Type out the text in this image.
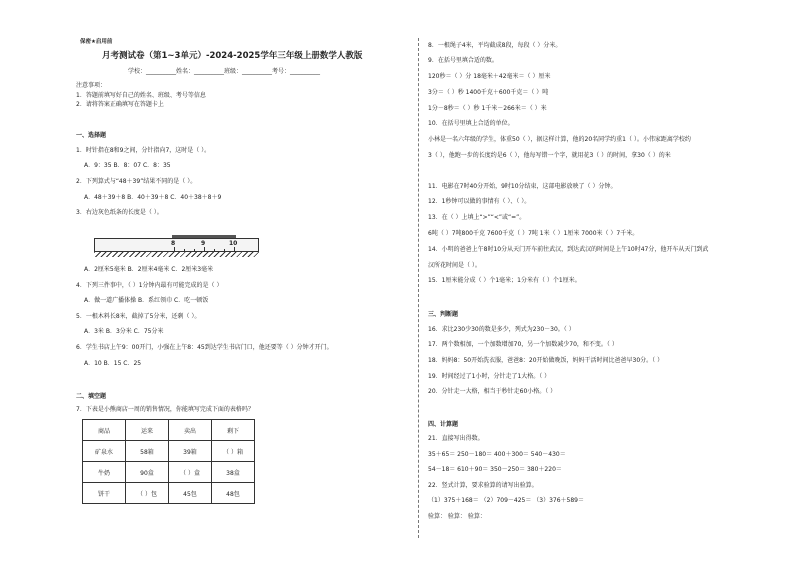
保密★启用前
月考测试卷（第1~3单元）-2024-2025学年三年级上册数学人教版
学校：__________姓名：__________班级：__________考号：__________
注意事项：
1．答题前填写好自己的姓名、班级、考号等信息
2．请将答案正确填写在答题卡上
一、选择题
1．时针指在8和9之间，分针指向7，这时是（ ）。
A．9：35 B．8：07 C．8：35
2．下列算式与“48＋39”结果不同的是（ ）。
A．48＋39＋8 B．40＋39＋8 C．40＋38＋8＋9
3．右边灰色纸条的长度是（ ）。
8	9	10
A．2厘米5毫米 B．2厘米4毫米 C．2厘米3毫米
4．下列三件事中，（ ）1分钟内最有可能完成的是（ ）
A．做一道广播体操 B．系红领巾 C．吃一顿饭
5．一根木料长8米，截掉了5分米，还剩（ ）。
A．3米 B．3分米 C．75分米
6．学生书店上午9：00开门，小强在上午8：45到达学生书店门口，他还要等（ ）分钟才开门。
A．10 B．15 C．25
二、填空题
7．下表是小熊商店一周的销售情况，你能填写完成下面的表格吗？
商品	运来	卖出	剩下
矿泉水	58箱	39箱	（ ）箱
牛奶	90盒	（ ）盒	38盒
饼干	（ ）包	45包	48包
8．一根绳子4米，平均截成8段，每段（ ）分米。
9．在括号里填合适的数。
120秒＝（ ）分 18毫米＋42毫米＝（ ）厘米
3分＝（ ）秒 1400千克＋600千克＝（ ）吨
1分－8秒＝（ ）秒 1千米－266米＝（ ）米
10．在括号里填上合适的单位。
小林是一名六年级的学生，体重50（ ），据这样计算，他的20名同学约重1（ ）。小伟家距离学校约
3（ ），他跑一步的长度约是6（ ），他每写错一个字，就用花3（ ）的时间，拿30（ ）的米
11．电影在7时40分开始，9时10分结束，这部电影放映了（ ）分钟。
12．1秒钟可以做的事情有（ ）、（ ）。
13．在（ ）上填上“>”“<”或“=”。
6吨（ ）7吨800千克 7600千克（ ）7吨 1米（ ）1厘米 7000米（ ）7千米。
14．小明的爸爸上午8时10分从天门开车前往武汉，到达武汉的时间是上午10时47分，他开车从天门到武
汉所花时间是（ ）。
15．1厘米能分成（ ）个1毫米；1分米有（ ）个1厘米。
三、判断题
16．求比230少30的数是多少，列式为230－30。（ ）
17．两个数相加，一个加数增加70，另一个加数减少70，和不变。（ ）
18．妈妈8：50开始洗衣服，爸爸8：20开始做晚饭，妈妈干活时间比爸爸早30分。（ ）
19．时间经过了1小时，分针走了1大格。（ ）
20．分针走一大格，相当于秒针走60小格。（ ）
四、计算题
21．直接写出得数。
35＋65＝ 250－180＝ 400＋300＝ 540－430＝
54－18＝ 610＋90＝ 350－250＝ 380＋220＝
22．竖式计算，要求验算的请写出验算。
（1）375＋168＝ （2）709－425＝ （3）376＋589＝
验算： 验算： 验算：
